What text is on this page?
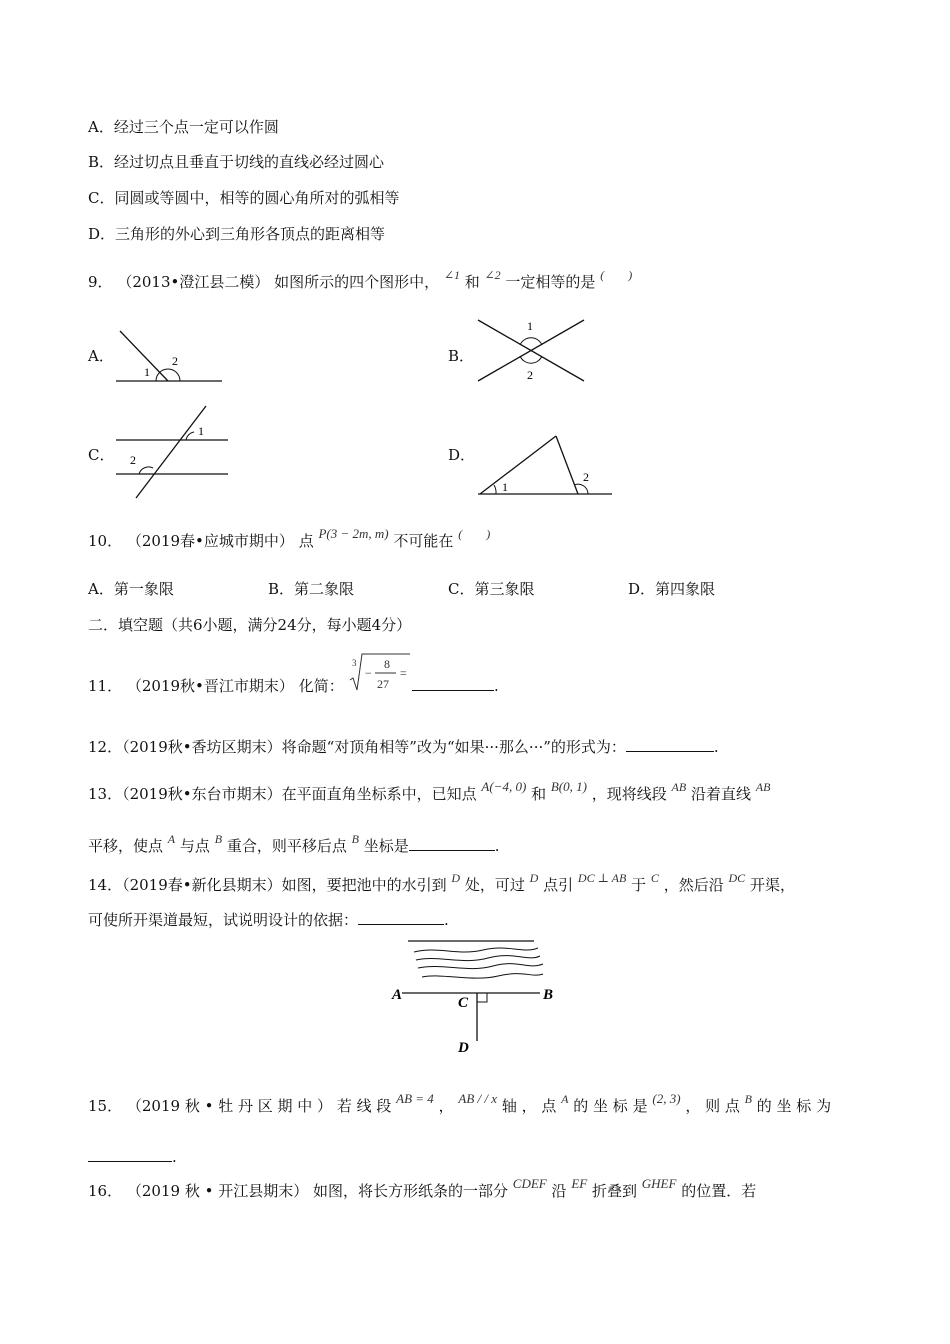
A．经过三个点一定可以作圆
B．经过切点且垂直于切线的直线必经过圆心
C．同圆或等圆中，相等的圆心角所对的弧相等
D．三角形的外心到三角形各顶点的距离相等
9． （2013•澄江县二模） 如图所示的四个图形中， $^{\angle 1}$ 和 $^{\angle 2}$ 一定相等的是 (　　)
A．	B．
C．	D．
1
2
1
2
1
2
1
2
10． （2019春•应城市期中） 点 P(3 − 2m, m) 不可能在 (　　)
A．第一象限	B．第二象限	C．第三象限	D．第四象限
二．填空题（共6小题，满分24分，每小题4分）
11． （2019秋•晋江市期末） 化简：
3
−
8
27
=
.
12．（2019秋•香坊区期末）将命题“对顶角相等”改为“如果···那么···”的形式为：	.
13．（2019秋•东台市期末）在平面直角坐标系中，已知点 A(−4, 0) 和 B(0, 1) ，现将线段 $^{AB}$ 沿着直线 $^{AB}$
平移，使点 $^A$ 与点 $^B$ 重合，则平移后点 $^B$ 坐标是	.
14．（2019春•新化县期末）如图，要把池中的水引到 $^D$ 处，可过 $^D$ 点引 $^{DC \perp AB}$ 于 $^C$ ，然后沿 $^{DC}$ 开渠，
可使所开渠道最短，试说明设计的依据：	.
A	B
C
D
15． （2019 秋 • 牡 丹 区 期 中 ） 若 线 段 AB = 4 ， AB / / x 轴 ， 点 $^A$ 的 坐 标 是 (2, 3) ， 则 点 $^B$ 的 坐 标 为
.
16． （2019 秋 • 开江县期末） 如图，将长方形纸条的一部分 CDEF 沿 EF 折叠到 GHEF 的位置．若
